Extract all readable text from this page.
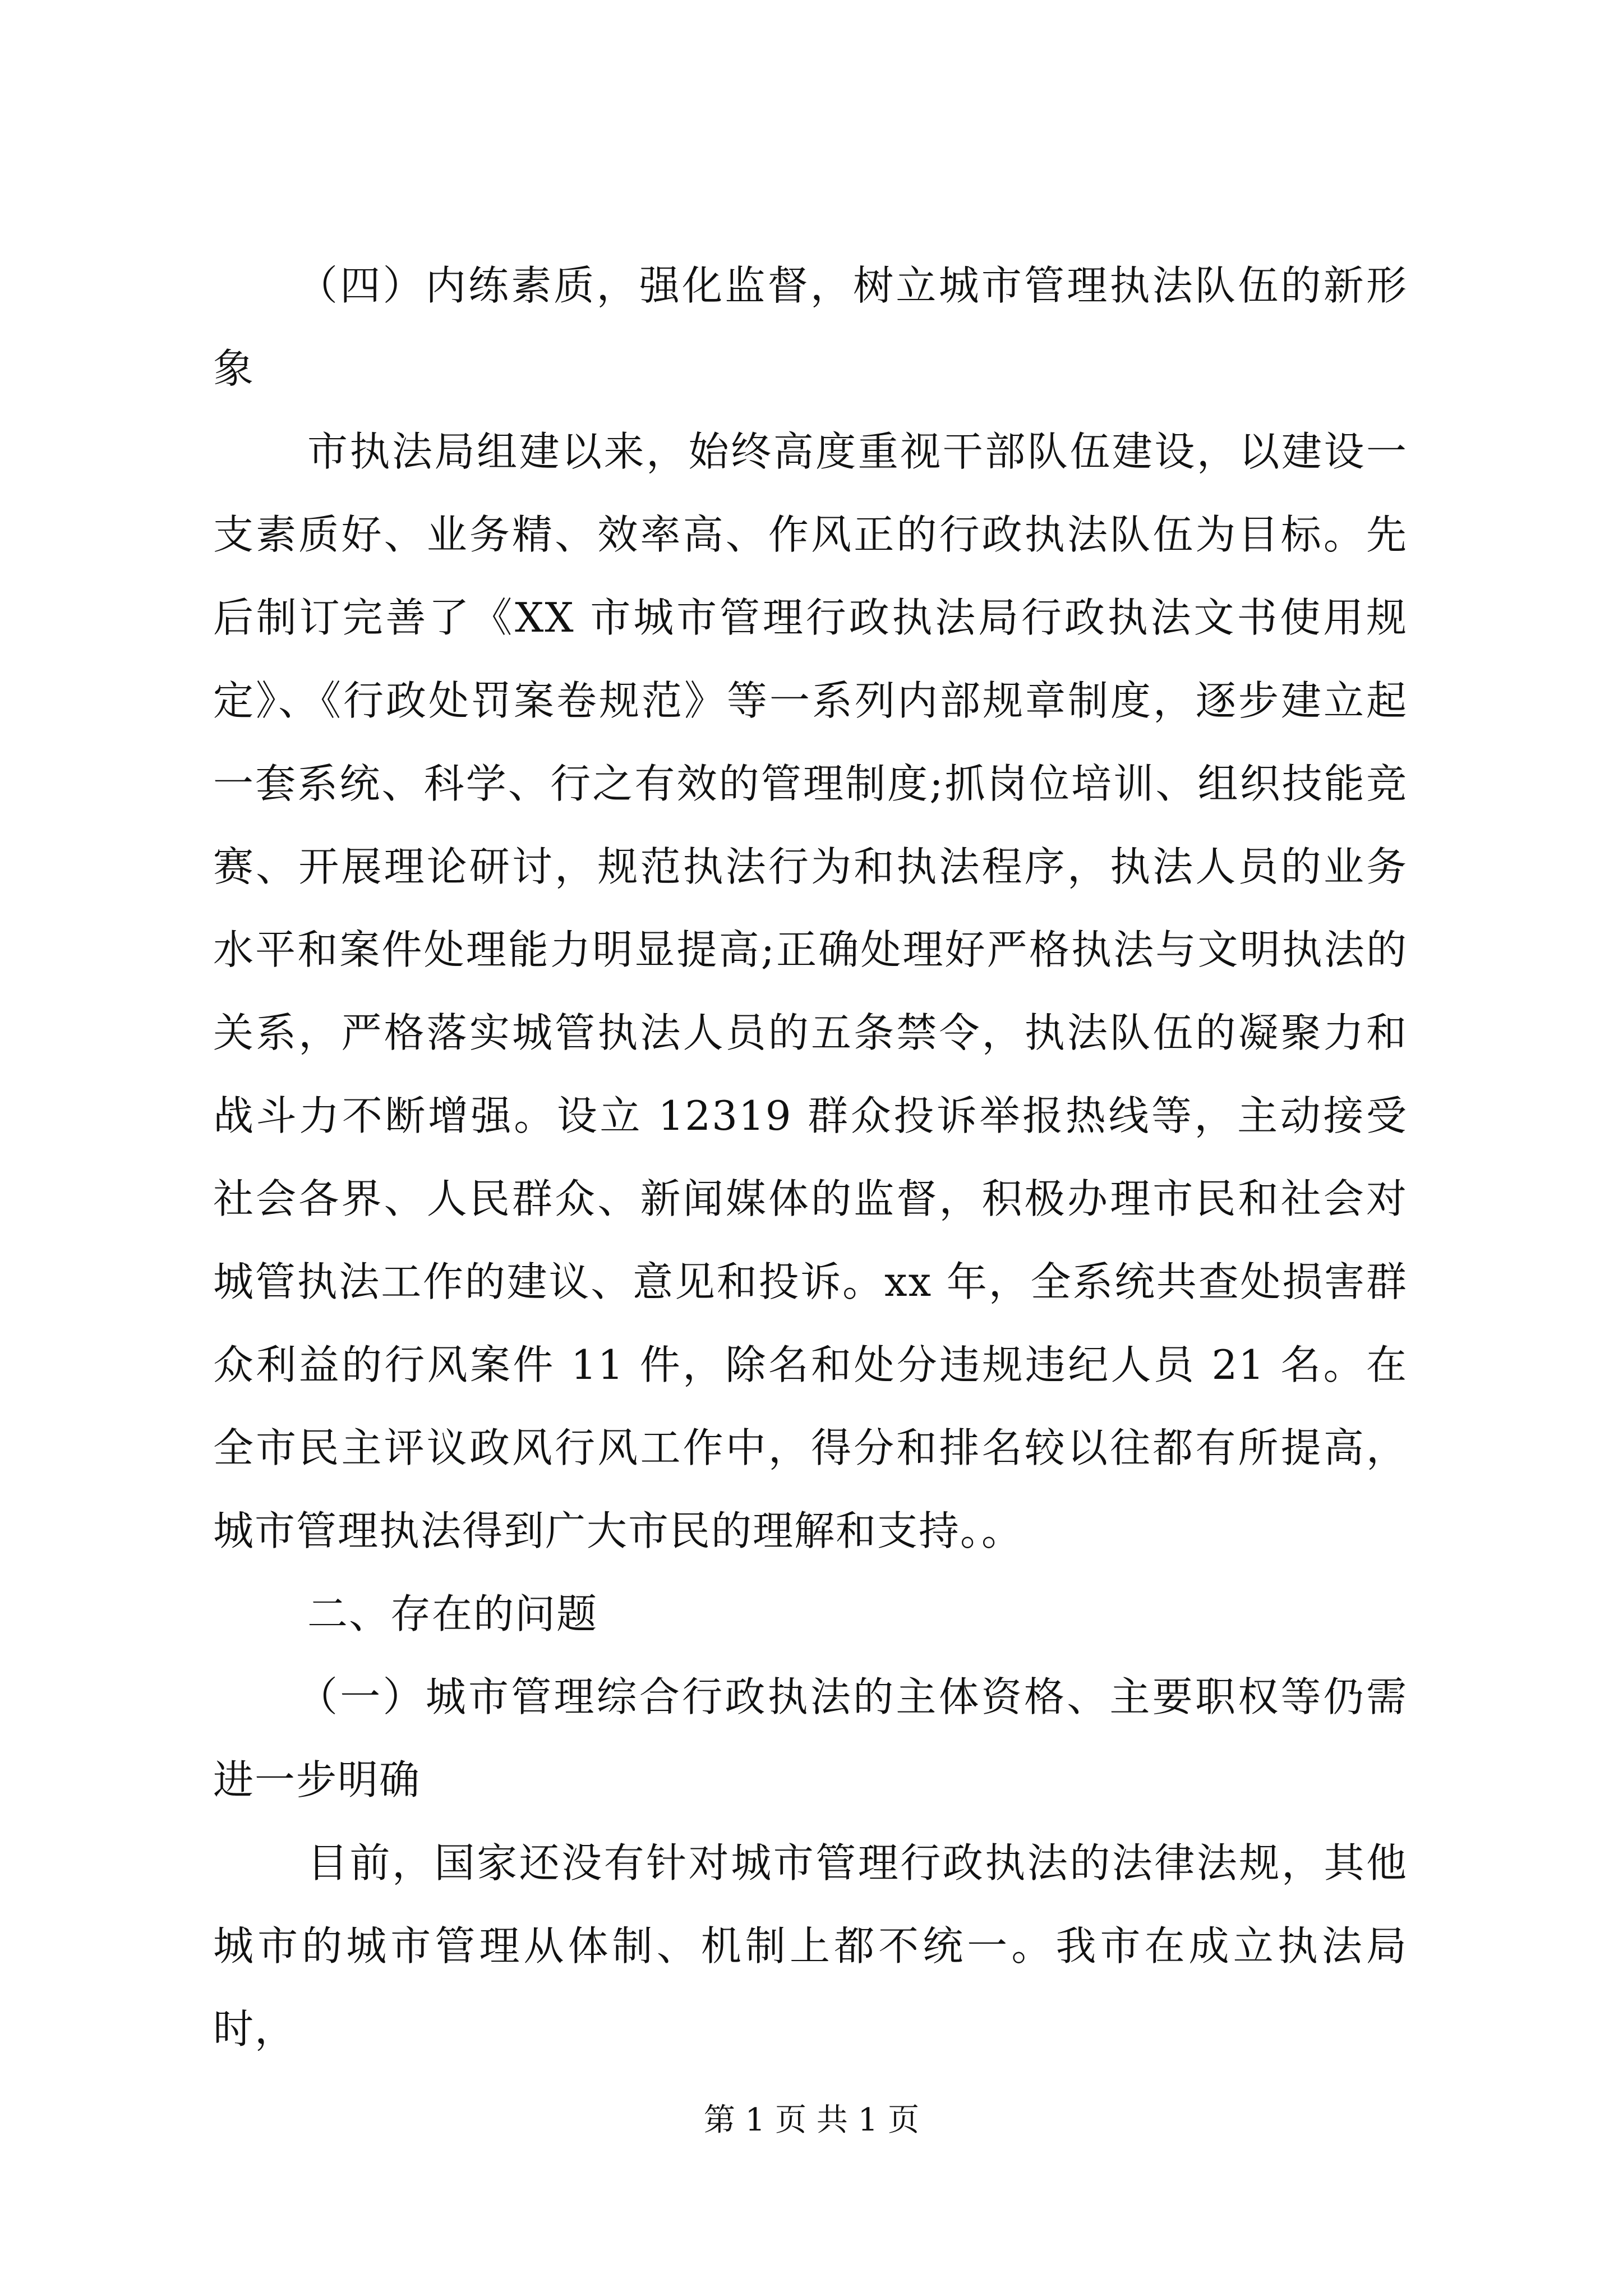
（四）内练素质，强化监督，树立城市管理执法队伍的新形象

市执法局组建以来，始终高度重视干部队伍建设，以建设一支素质好、业务精、效率高、作风正的行政执法队伍为目标。先后制订完善了《XX 市城市管理行政执法局行政执法文书使用规定》、《行政处罚案卷规范》等一系列内部规章制度，逐步建立起一套系统、科学、行之有效的管理制度;抓岗位培训、组织技能竞赛、开展理论研讨，规范执法行为和执法程序，执法人员的业务水平和案件处理能力明显提高;正确处理好严格执法与文明执法的关系，严格落实城管执法人员的五条禁令，执法队伍的凝聚力和战斗力不断增强。设立 12319 群众投诉举报热线等，主动接受社会各界、人民群众、新闻媒体的监督，积极办理市民和社会对城管执法工作的建议、意见和投诉。xx 年，全系统共查处损害群众利益的行风案件 11 件，除名和处分违规违纪人员 21 名。在全市民主评议政风行风工作中，得分和排名较以往都有所提高，城市管理执法得到广大市民的理解和支持。。

二、存在的问题

（一）城市管理综合行政执法的主体资格、主要职权等仍需进一步明确

目前，国家还没有针对城市管理行政执法的法律法规，其他城市的城市管理从体制、机制上都不统一。我市在成立执法局时，

第 1 页 共 1 页
